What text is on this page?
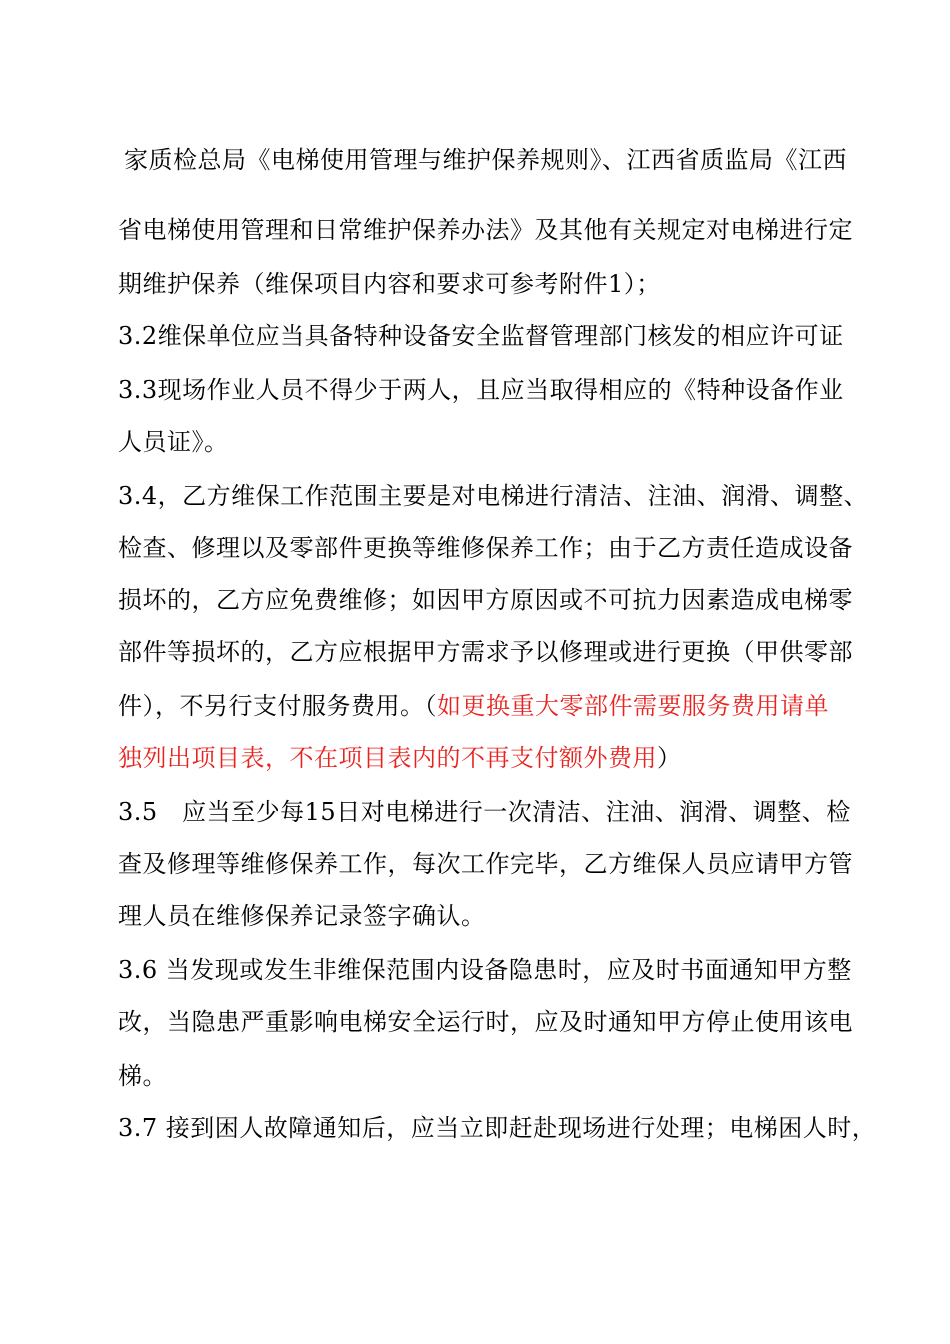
家质检总局《电梯使用管理与维护保养规则》、江西省质监局《江西

省电梯使用管理和日常维护保养办法》及其他有关规定对电梯进行定

期维护保养（维保项目内容和要求可参考附件1）；

3.2维保单位应当具备特种设备安全监督管理部门核发的相应许可证

3.3现场作业人员不得少于两人，且应当取得相应的《特种设备作业

人员证》。

3.4，乙方维保工作范围主要是对电梯进行清洁、注油、润滑、调整、

检查、修理以及零部件更换等维修保养工作；由于乙方责任造成设备

损坏的，乙方应免费维修；如因甲方原因或不可抗力因素造成电梯零

部件等损坏的，乙方应根据甲方需求予以修理或进行更换（甲供零部

件），不另行支付服务费用。（如更换重大零部件需要服务费用请单

独列出项目表，不在项目表内的不再支付额外费用）

3.5　应当至少每15日对电梯进行一次清洁、注油、润滑、调整、检

查及修理等维修保养工作，每次工作完毕，乙方维保人员应请甲方管

理人员在维修保养记录签字确认。

3.6 当发现或发生非维保范围内设备隐患时，应及时书面通知甲方整

改，当隐患严重影响电梯安全运行时，应及时通知甲方停止使用该电

梯。

3.7 接到困人故障通知后，应当立即赶赴现场进行处理；电梯困人时，
